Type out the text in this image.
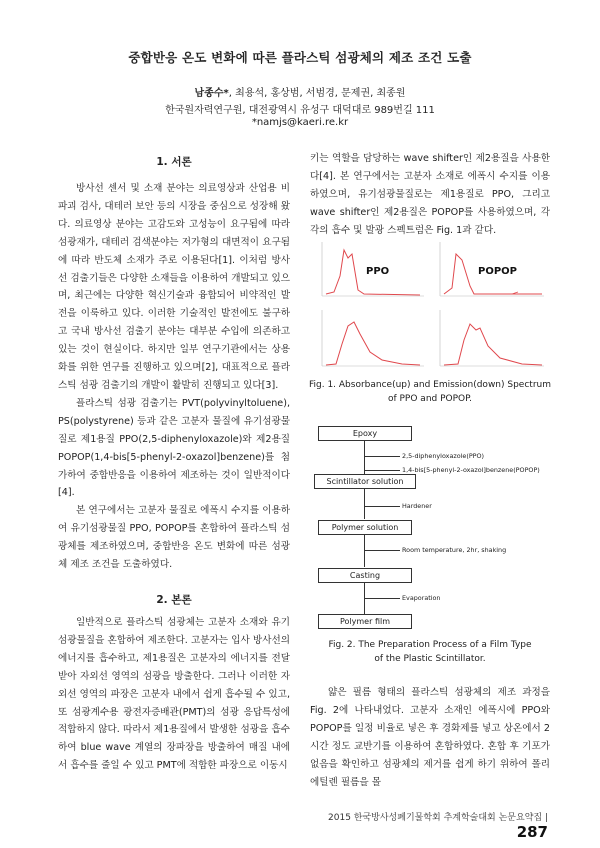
중합반응 온도 변화에 따른 플라스틱 섬광체의 제조 조건 도출
남종수*, 최용석, 홍상범, 서범경, 문제권, 최종원
한국원자력연구원, 대전광역시 유성구 대덕대로 989번길 111
*namjs@kaeri.re.kr
1. 서론

방사선 센서 및 소재 분야는 의료영상과 산업용 비파괴 검사, 대테러 보안 등의 시장을 중심으로 성장해 왔다. 의료영상 분야는 고감도와 고성능이 요구됨에 따라 섬광재가, 대테러 검색분야는 저가형의 대면적이 요구됨에 따라 반도체 소재가 주로 이용된다[1]. 이처럼 방사선 검출기들은 다양한 소재들을 이용하여 개발되고 있으며, 최근에는 다양한 혁신기술과 융합되어 비약적인 발전을 이룩하고 있다. 이러한 기술적인 발전에도 불구하고 국내 방사선 검출기 분야는 대부분 수입에 의존하고 있는 것이 현실이다. 하지만 일부 연구기관에서는 상용화를 위한 연구를 진행하고 있으며[2], 대표적으로 플라스틱 섬광 검출기의 개발이 활발히 진행되고 있다[3].

플라스틱 섬광 검출기는 PVT(polyvinyltoluene), PS(polystyrene) 등과 같은 고분자 물질에 유기섬광물질로 제1용질 PPO(2,5-diphenyloxazole)와 제2용질 POPOP(1,4-bis[5-phenyl-2-oxazol]benzene)를 첨가하여 중합반응을 이용하여 제조하는 것이 일반적이다[4].

본 연구에서는 고분자 물질로 에폭시 수지를 이용하여 유기섬광물질 PPO, POPOP를 혼합하여 플라스틱 섬광체를 제조하였으며, 중합반응 온도 변화에 따른 섬광체 제조 조건을 도출하였다.

2. 본론

일반적으로 플라스틱 섬광체는 고분자 소재와 유기섬광물질을 혼합하여 제조한다. 고분자는 입사 방사선의 에너지를 흡수하고, 제1용질은 고분자의 에너지를 전달받아 자외선 영역의 섬광을 방출한다. 그러나 이러한 자외선 영역의 파장은 고분자 내에서 쉽게 흡수될 수 있고, 또 섬광계수용 광전자증배관(PMT)의 섬광 응답특성에 적합하지 않다. 따라서 제1용질에서 발생한 섬광을 흡수하여 blue wave 계열의 장파장을 방출하여 매질 내에서 흡수를 줄일 수 있고 PMT에 적합한 파장으로 이동시

키는 역할을 담당하는 wave shifter인 제2용질을 사용한다[4]. 본 연구에서는 고분자 소재로 에폭시 수지를 이용하였으며, 유기섬광물질로는 제1용질로 PPO, 그리고 wave shifter인 제2용질은 POPOP를 사용하였으며, 각각의 흡수 및 발광 스펙트럼은 Fig. 1과 같다.

PPO	POPOP
Fig. 1. Absorbance(up) and Emission(down) Spectrum
of PPO and POPOP.
Epoxy
2,5-diphenyloxazole(PPO)
1,4-bis[5-phenyl-2-oxazol]benzene(POPOP)
Scintillator solution
Hardener
Polymer solution
Room temperature, 2hr, shaking
Casting
Evaporation
Polymer film
Fig. 2. The Preparation Process of a Film Type
of the Plastic Scintillator.

얇은 필름 형태의 플라스틱 섬광체의 제조 과정을 Fig. 2에 나타내었다. 고분자 소재인 에폭시에 PPO와 POPOP를 일정 비율로 넣은 후 경화제를 넣고 상온에서 2 시간 정도 교반기를 이용하여 혼합하였다. 혼합 후 기포가 없음을 확인하고 섬광체의 제거를 쉽게 하기 위하여 폴리에틸렌 필름을 몰

2015 한국방사성폐기물학회 추계학술대회 논문요약집 | 287
